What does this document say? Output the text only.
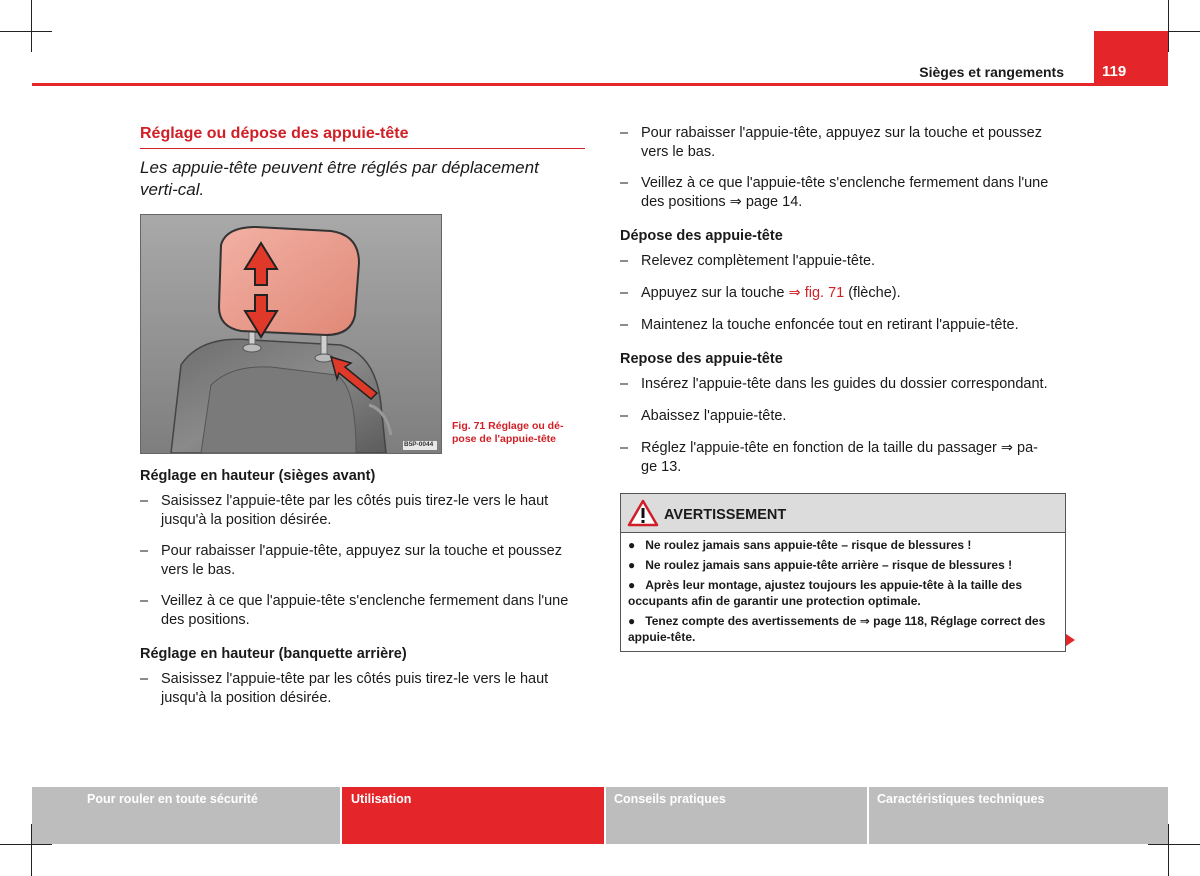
119
Sièges et rangements
Réglage ou dépose des appuie-tête
Les appuie-tête peuvent être réglés par déplacement verti-cal.
B5P-0044
Fig. 71 Réglage ou dé-
pose de l'appuie-tête
Réglage en hauteur (sièges avant)
– Saisissez l'appuie-tête par les côtés puis tirez-le vers le haut
jusqu'à la position désirée.
– Pour rabaisser l'appuie-tête, appuyez sur la touche et poussez
vers le bas.
– Veillez à ce que l'appuie-tête s'enclenche fermement dans l'une
des positions.
Réglage en hauteur (banquette arrière)
– Saisissez l'appuie-tête par les côtés puis tirez-le vers le haut
jusqu'à la position désirée.
– Pour rabaisser l'appuie-tête, appuyez sur la touche et poussez
vers le bas.
– Veillez à ce que l'appuie-tête s'enclenche fermement dans l'une
des positions ⇒ page 14.
Dépose des appuie-tête
– Relevez complètement l'appuie-tête.
– Appuyez sur la touche ⇒ fig. 71 (flèche).
– Maintenez la touche enfoncée tout en retirant l'appuie-tête.
Repose des appuie-tête
– Insérez l'appuie-tête dans les guides du dossier correspondant.
– Abaissez l'appuie-tête.
– Réglez l'appuie-tête en fonction de la taille du passager ⇒ pa-
ge 13.
AVERTISSEMENT
●   Ne roulez jamais sans appuie-tête – risque de blessures !
●   Ne roulez jamais sans appuie-tête arrière – risque de blessures !
●   Après leur montage, ajustez toujours les appuie-tête à la taille des occupants afin de garantir une protection optimale.
●   Tenez compte des avertissements de ⇒ page 118, Réglage correct des appuie-tête.
Pour rouler en toute sécurité	Utilisation	Conseils pratiques	Caractéristiques techniques
